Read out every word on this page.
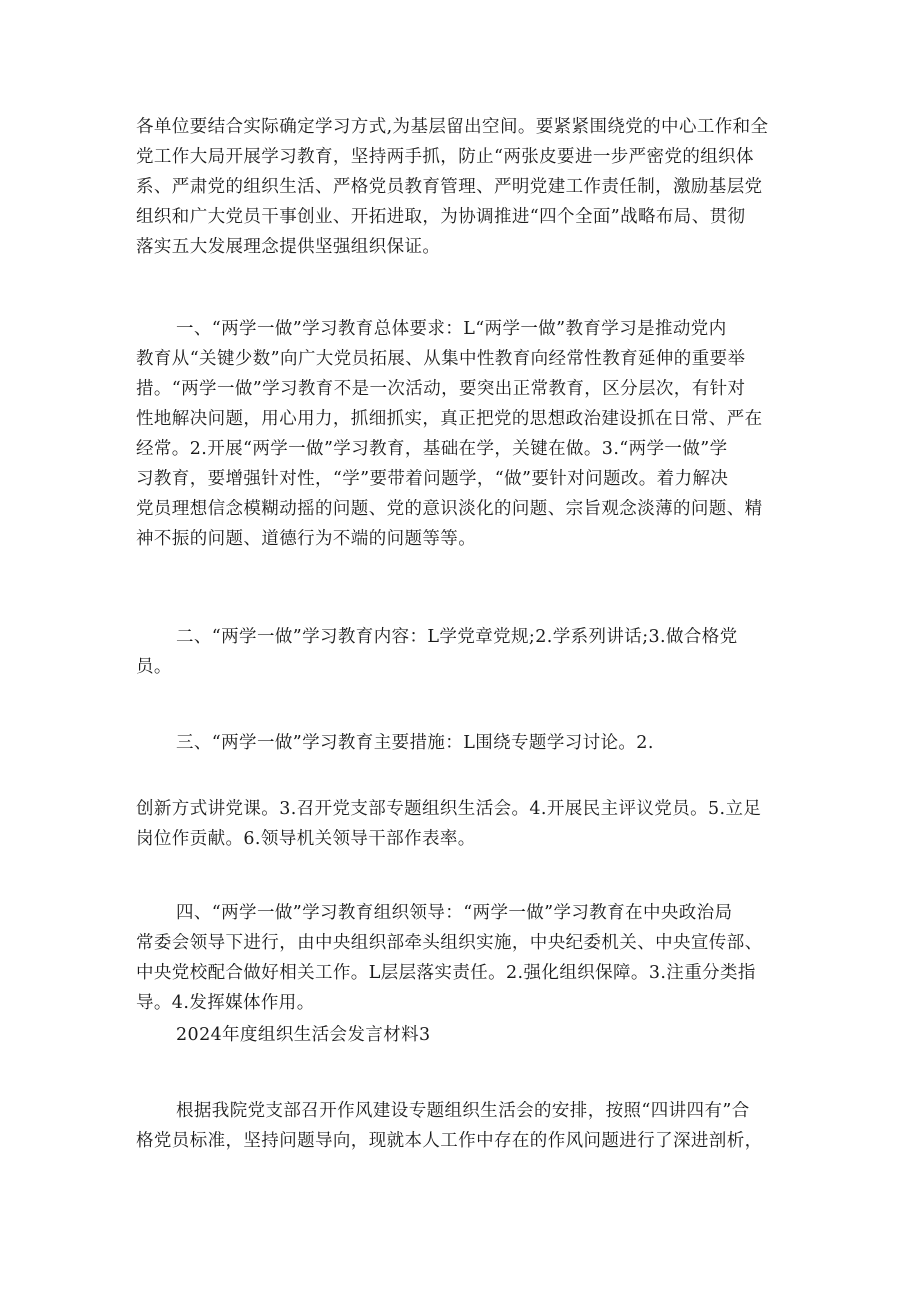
各单位要结合实际确定学习方式,为基层留出空间。要紧紧围绕党的中心工作和全
党工作大局开展学习教育，坚持两手抓，防止“两张皮要进一步严密党的组织体
系、严肃党的组织生活、严格党员教育管理、严明党建工作责任制，激励基层党
组织和广大党员干事创业、开拓进取，为协调推进“四个全面”战略布局、贯彻
落实五大发展理念提供坚强组织保证。
一、“两学一做”学习教育总体要求：L“两学一做”教育学习是推动党内
教育从“关键少数”向广大党员拓展、从集中性教育向经常性教育延伸的重要举
措。“两学一做”学习教育不是一次活动，要突出正常教育，区分层次，有针对
性地解决问题，用心用力，抓细抓实，真正把党的思想政治建设抓在日常、严在
经常。2.开展“两学一做”学习教育，基础在学，关键在做。3.“两学一做”学
习教育，要增强针对性，“学”要带着问题学，“做”要针对问题改。着力解决
党员理想信念模糊动摇的问题、党的意识淡化的问题、宗旨观念淡薄的问题、精
神不振的问题、道德行为不端的问题等等。
二、“两学一做”学习教育内容：L学党章党规;2.学系列讲话;3.做合格党
员。
三、“两学一做”学习教育主要措施：L围绕专题学习讨论。2.
创新方式讲党课。3.召开党支部专题组织生活会。4.开展民主评议党员。5.立足
岗位作贡献。6.领导机关领导干部作表率。
四、“两学一做”学习教育组织领导：“两学一做”学习教育在中央政治局
常委会领导下进行，由中央组织部牵头组织实施，中央纪委机关、中央宣传部、
中央党校配合做好相关工作。L层层落实责任。2.强化组织保障。3.注重分类指
导。4.发挥媒体作用。
2024年度组织生活会发言材料3
根据我院党支部召开作风建设专题组织生活会的安排，按照“四讲四有”合
格党员标准，坚持问题导向，现就本人工作中存在的作风问题进行了深进剖析，
